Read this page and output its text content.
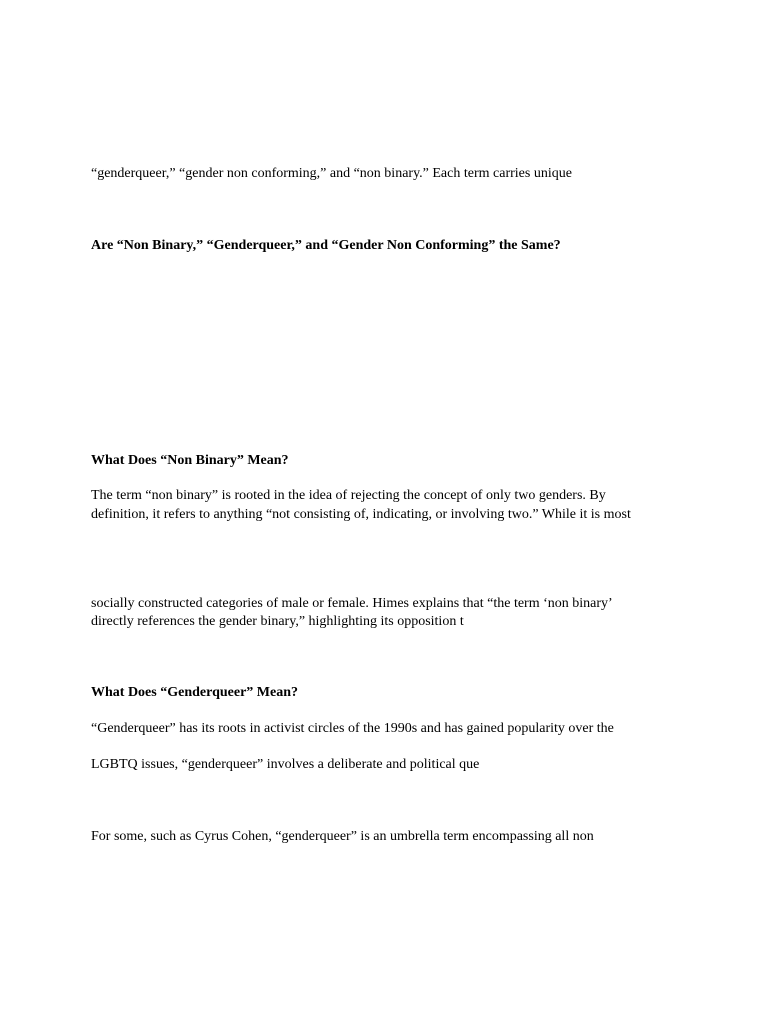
“genderqueer,” “gender non conforming,” and “non binary.” Each term carries unique
Are “Non Binary,” “Genderqueer,” and “Gender Non Conforming” the Same?
What Does “Non Binary” Mean?
The term “non binary” is rooted in the idea of rejecting the concept of only two genders. By
definition, it refers to anything “not consisting of, indicating, or involving two.” While it is most
socially constructed categories of male or female. Himes explains that “the term ‘non binary’
directly references the gender binary,” highlighting its opposition t
What Does “Genderqueer” Mean?
“Genderqueer” has its roots in activist circles of the 1990s and has gained popularity over the
LGBTQ issues, “genderqueer” involves a deliberate and political que
For some, such as Cyrus Cohen, “genderqueer” is an umbrella term encompassing all non
